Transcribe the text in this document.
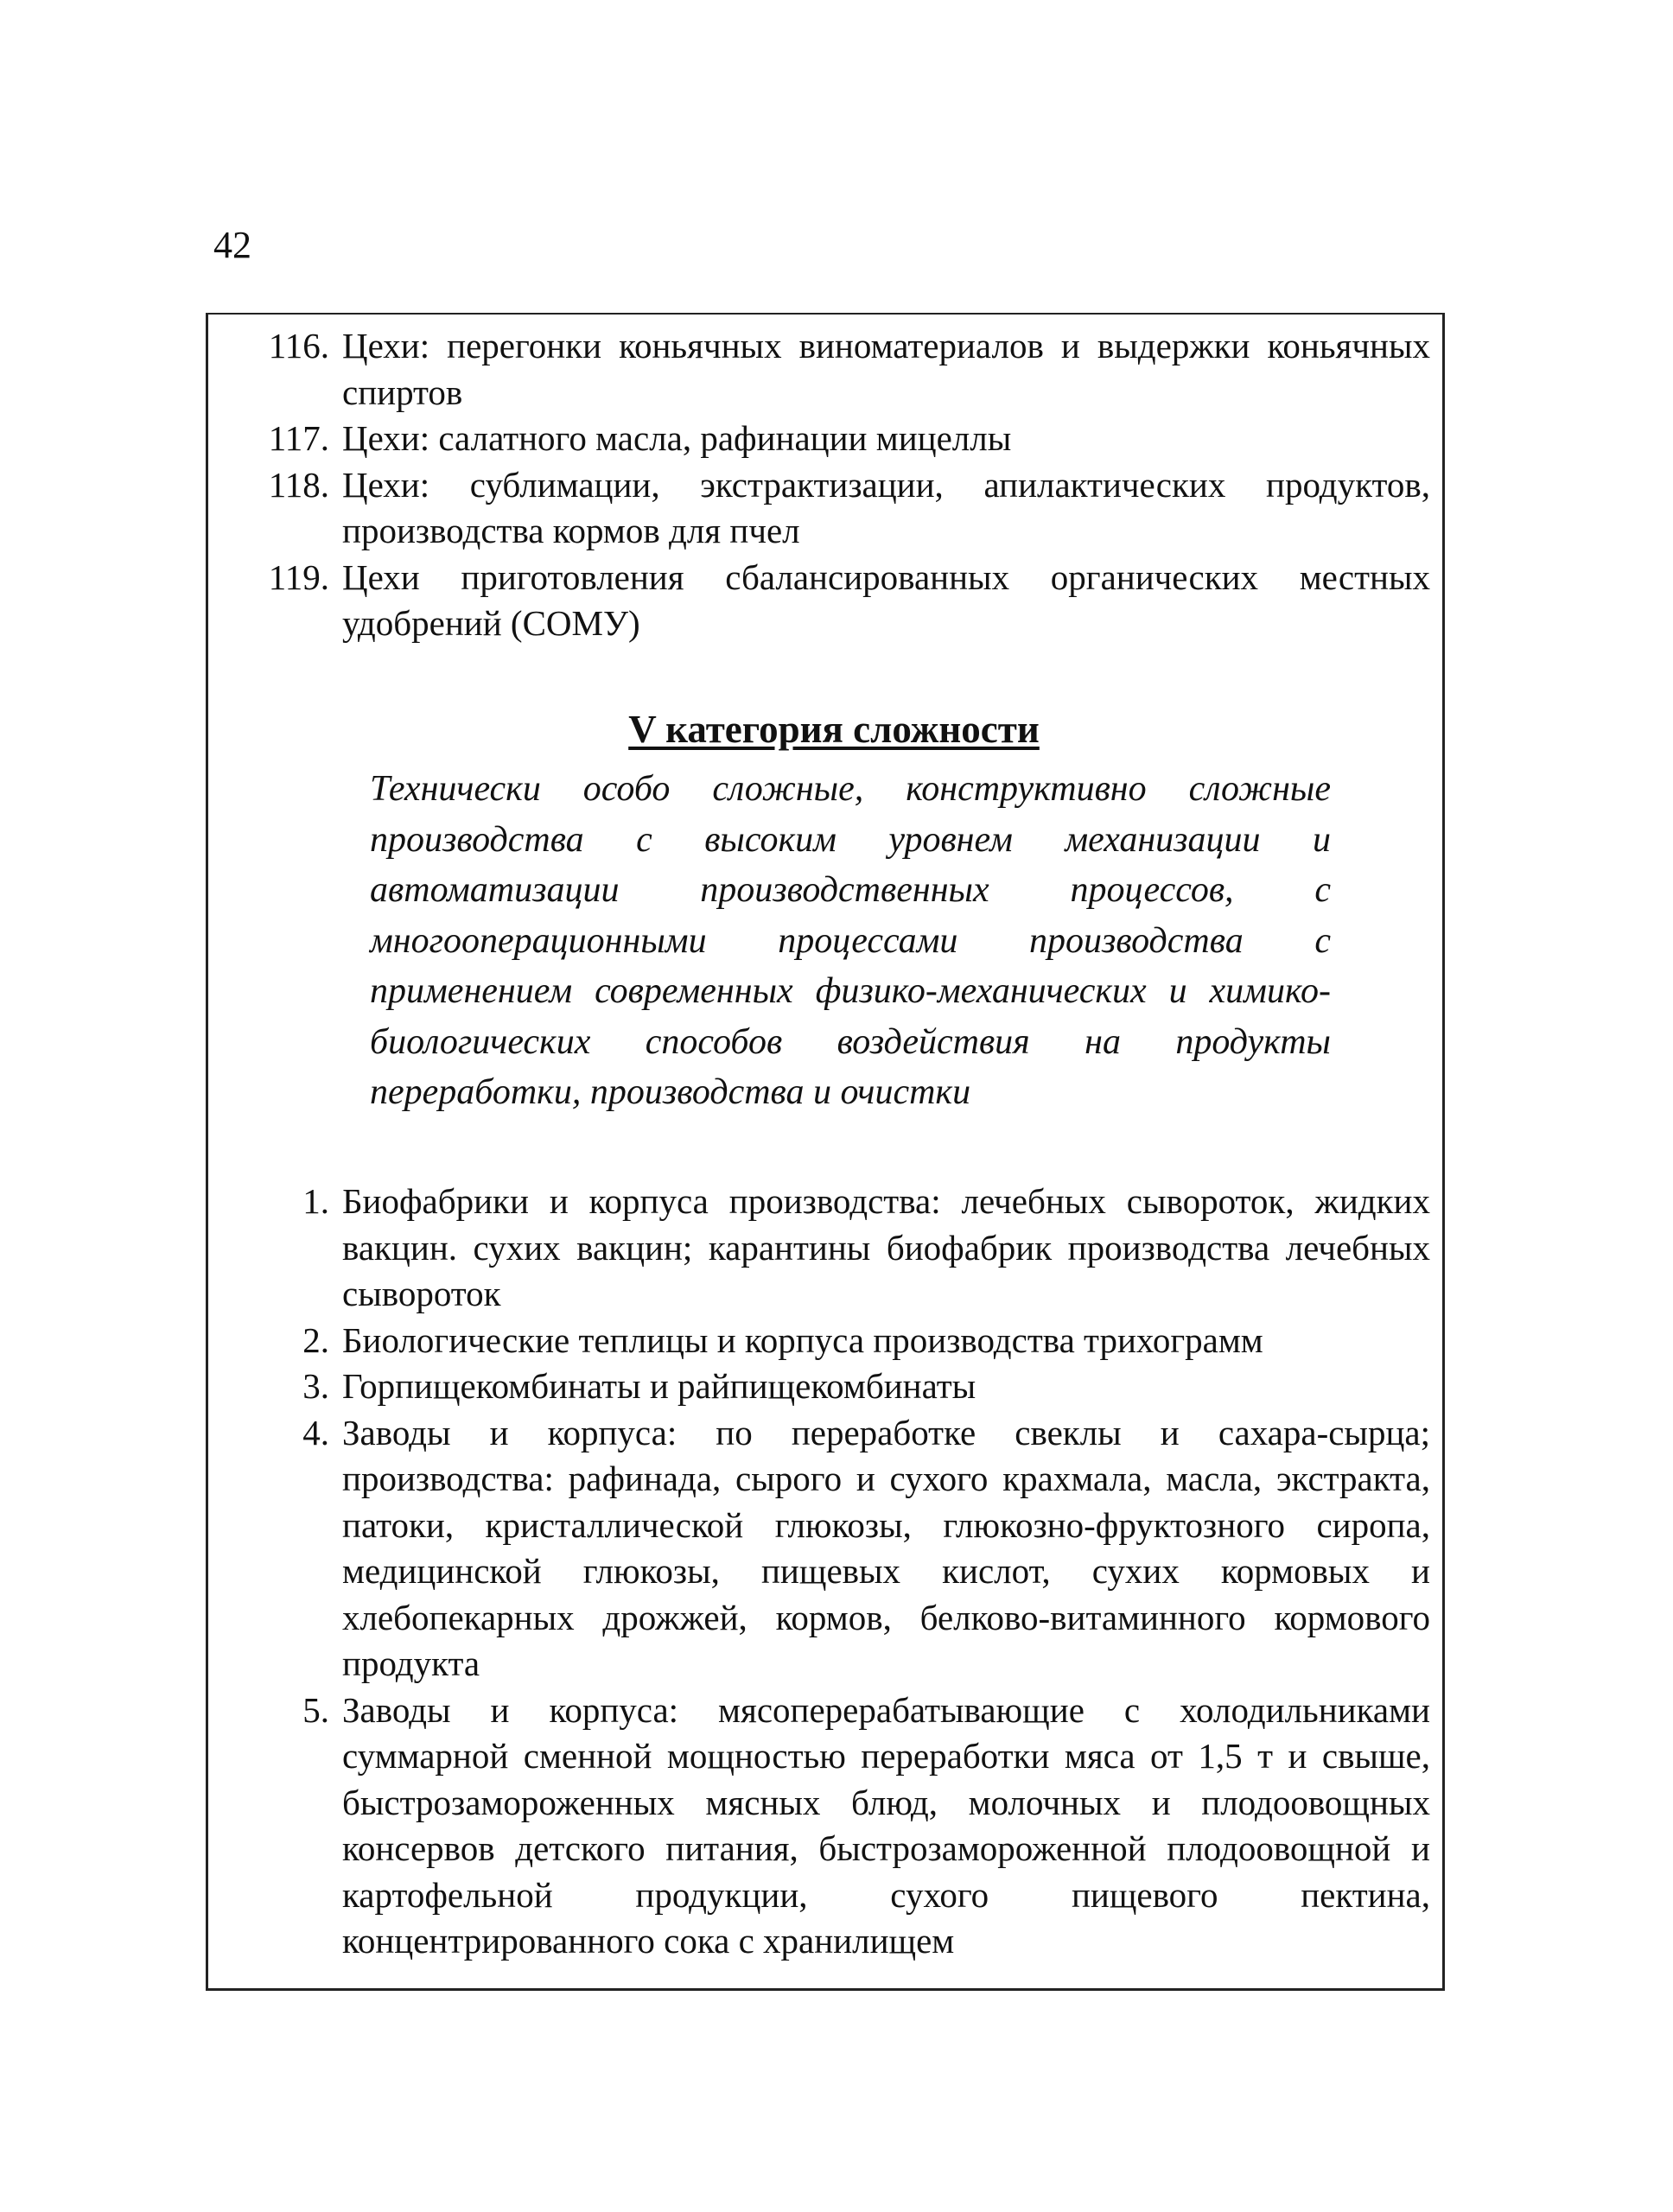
42
116. Цехи: перегонки коньячных виноматериалов и выдержки коньячных спиртов
117. Цехи: салатного масла, рафинации мицеллы
118. Цехи: сублимации, экстрактизации, апилактических продуктов, производства кормов для пчел
119. Цехи приготовления сбалансированных органических местных удобрений (СОМУ)
V категория сложности
Технически особо сложные, конструктивно сложные производства с высоким уровнем механизации и автоматизации производственных процессов, с многооперационными процессами производства с применением современных физико-механических и химико-биологических способов воздействия на продукты переработки, производства и очистки
1. Биофабрики и корпуса производства: лечебных сывороток, жидких вакцин. сухих вакцин; карантины биофабрик производства лечебных сывороток
2. Биологические теплицы и корпуса производства трихограмм
3. Горпищекомбинаты и райпищекомбинаты
4. Заводы и корпуса: по переработке свеклы и сахара-сырца; производства: рафинада, сырого и сухого крахмала, масла, экстракта, патоки, кристаллической глюкозы, глюкозно-фруктозного сиропа, медицинской глюкозы, пищевых кислот, сухих кормовых и хлебопекарных дрожжей, кормов, белково-витаминного кормового продукта
5. Заводы и корпуса: мясоперерабатывающие с холодильниками суммарной сменной мощностью переработки мяса от 1,5 т и свыше, быстрозамороженных мясных блюд, молочных и плодоовощных консервов детского питания, быстрозамороженной плодоовощной и картофельной продукции, сухого пищевого пектина, концентрированного сока с хранилищем
